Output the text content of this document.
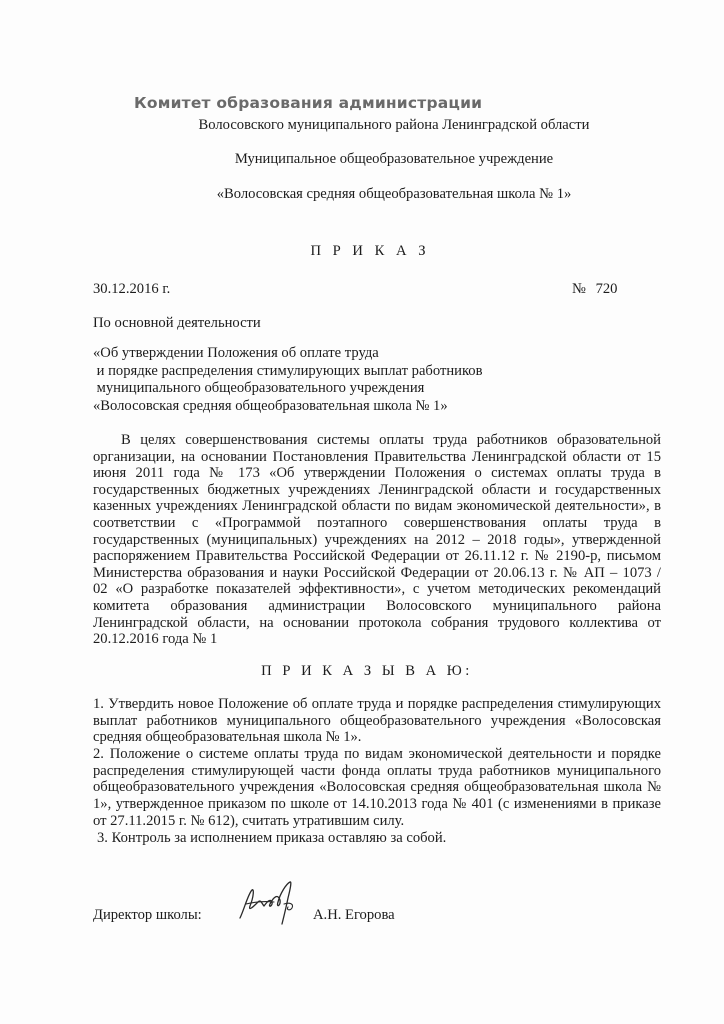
Комитет образования администрации
Волосовского муниципального района Ленинградской области
Муниципальное общеобразовательное учреждение
«Волосовская средняя общеобразовательная школа № 1»
П Р И К А З
30.12.2016 г.	№ 720
По основной деятельности
«Об утверждении Положения об оплате труда
и порядке распределения стимулирующих выплат работников
муниципального общеобразовательного учреждения
«Волосовская средняя общеобразовательная школа № 1»
В целях совершенствования системы оплаты труда работников образовательной
организации, на основании Постановления Правительства Ленинградской области от 15
июня 2011 года № 173 «Об утверждении Положения о системах оплаты труда в
государственных бюджетных учреждениях Ленинградской области и государственных
казенных учреждениях Ленинградской области по видам экономической деятельности», в
соответствии с «Программой поэтапного совершенствования оплаты труда в
государственных (муниципальных) учреждениях на 2012 – 2018 годы», утвержденной
распоряжением Правительства Российской Федерации от 26.11.12 г. № 2190-р, письмом
Министерства образования и науки Российской Федерации от 20.06.13 г. № АП – 1073 /
02 «О разработке показателей эффективности», с учетом методических рекомендаций
комитета образования администрации Волосовского муниципального района
Ленинградской области, на основании протокола собрания трудового коллектива от
20.12.2016 года № 1
П Р И К А З Ы В А Ю:
1. Утвердить новое Положение об оплате труда и порядке распределения стимулирующих
выплат работников муниципального общеобразовательного учреждения «Волосовская
средняя общеобразовательная школа № 1».
2. Положение о системе оплаты труда по видам экономической деятельности и порядке
распределения стимулирующей части фонда оплаты труда работников муниципального
общеобразовательного учреждения «Волосовская средняя общеобразовательная школа №
1», утвержденное приказом по школе от 14.10.2013 года № 401 (с изменениями в приказе
от 27.11.2015 г. № 612), считать утратившим силу.
3. Контроль за исполнением приказа оставляю за собой.
Директор школы:	А.Н. Егорова
